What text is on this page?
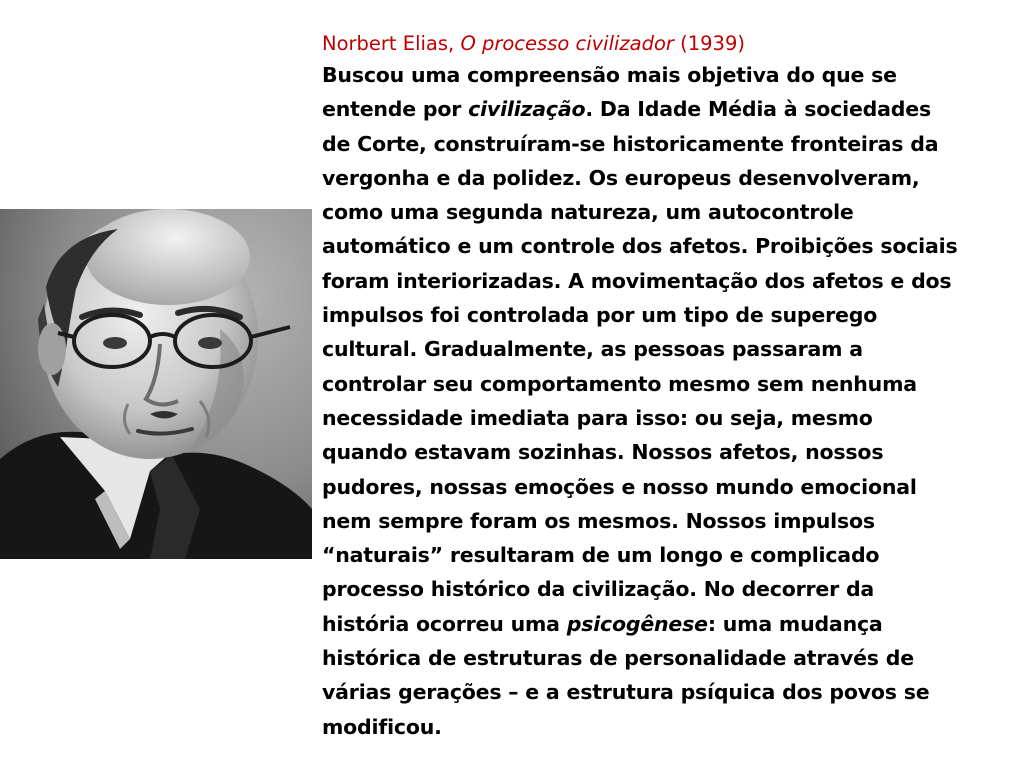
Norbert Elias, O processo civilizador (1939)

Buscou uma compreensão mais objetiva do que se
entende por civilização. Da Idade Média à sociedades
de Corte, construíram-se historicamente fronteiras da
vergonha e da polidez. Os europeus desenvolveram,
como uma segunda natureza, um autocontrole
automático e um controle dos afetos. Proibições sociais
foram interiorizadas. A movimentação dos afetos e dos
impulsos foi controlada por um tipo de superego
cultural. Gradualmente, as pessoas passaram a
controlar seu comportamento mesmo sem nenhuma
necessidade imediata para isso: ou seja, mesmo
quando estavam sozinhas. Nossos afetos, nossos
pudores, nossas emoções e nosso mundo emocional
nem sempre foram os mesmos. Nossos impulsos
“naturais” resultaram de um longo e complicado
processo histórico da civilização. No decorrer da
história ocorreu uma psicogênese: uma mudança
histórica de estruturas de personalidade através de
várias gerações – e a estrutura psíquica dos povos se
modificou.
